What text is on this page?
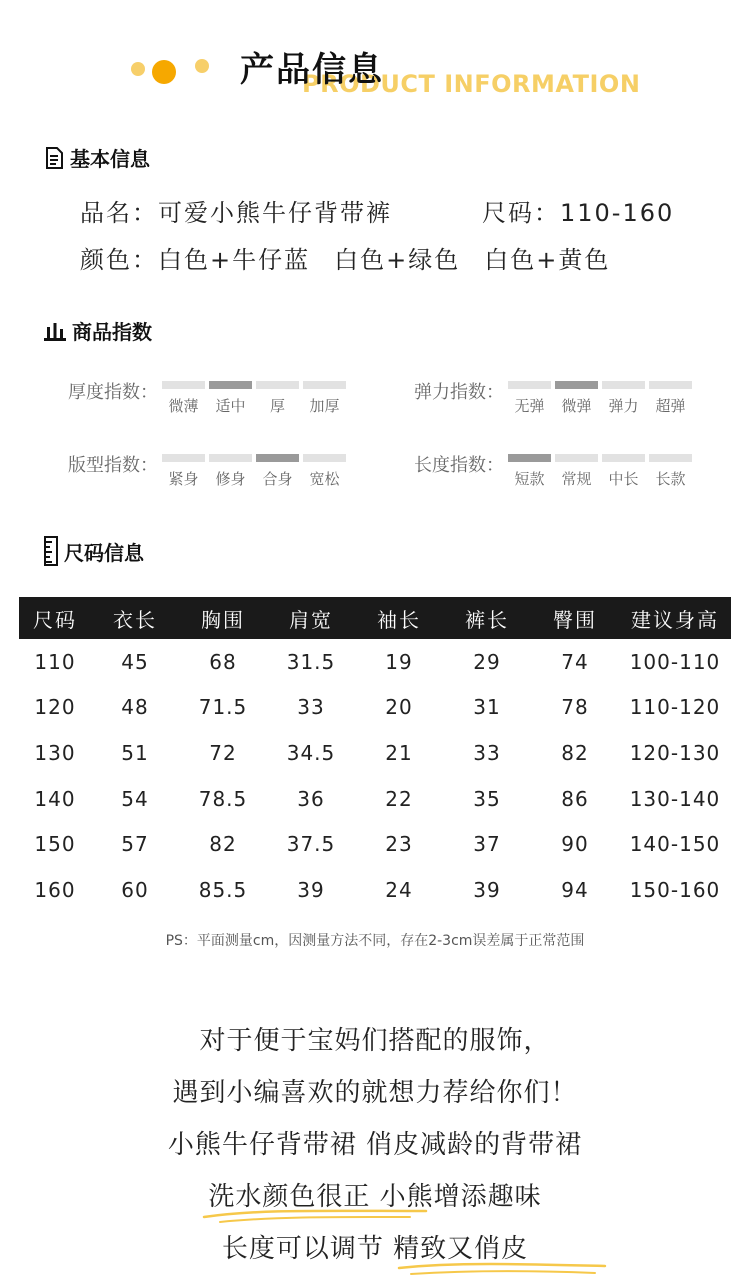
PRODUCT INFORMATION
产品信息
基本信息
品名：可爱小熊牛仔背带裤	尺码：110-160
颜色：白色+牛仔蓝 白色+绿色 白色+黄色
商品指数
厚度指数：
微薄 适中 厚 加厚
弹力指数：
无弹 微弹 弹力 超弹
版型指数：
紧身 修身 合身 宽松
长度指数：
短款 常规 中长 长款
尺码信息
尺码	衣长	胸围	肩宽	袖长	裤长	臀围	建议身高
110	45	68	31.5	19	29	74	100-110
120	48	71.5	33	20	31	78	110-120
130	51	72	34.5	21	33	82	120-130
140	54	78.5	36	22	35	86	130-140
150	57	82	37.5	23	37	90	140-150
160	60	85.5	39	24	39	94	150-160
PS：平面测量cm，因测量方法不同，存在2-3cm误差属于正常范围
对于便于宝妈们搭配的服饰，
遇到小编喜欢的就想力荐给你们！
小熊牛仔背带裙 俏皮减龄的背带裙
洗水颜色很正 小熊增添趣味
长度可以调节 精致又俏皮
